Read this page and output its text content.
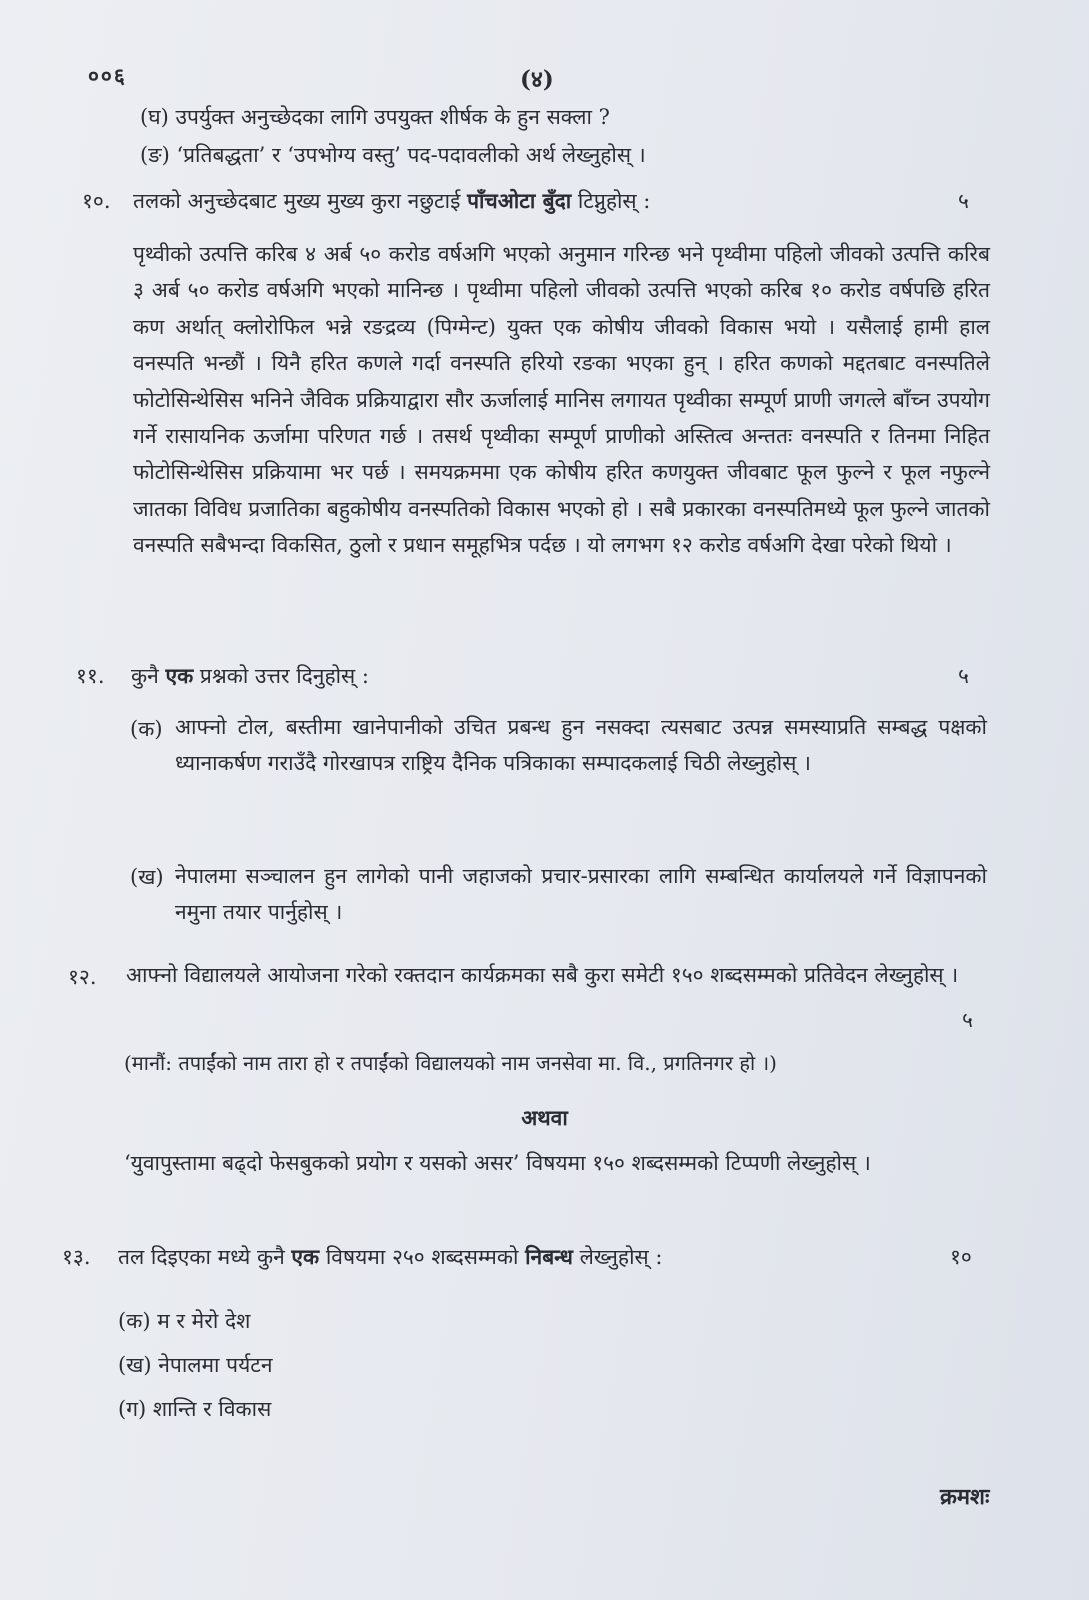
००६	(४)
(घ) उपर्युक्त अनुच्छेदका लागि उपयुक्त शीर्षक के हुन सक्ला ?
(ङ) ‘प्रतिबद्धता’ र ‘उपभोग्य वस्तु’ पद-पदावलीको अर्थ लेख्नुहोस् ।
१०. तलको अनुच्छेदबाट मुख्य मुख्य कुरा नछुटाई पाँचओटा बुँदा टिप्नुहोस् :	५
पृथ्वीको उत्पत्ति करिब ४ अर्ब ५० करोड वर्षअगि भएको अनुमान गरिन्छ भने पृथ्वीमा पहिलो जीवको उत्पत्ति करिब ३ अर्ब ५० करोड वर्षअगि भएको मानिन्छ । पृथ्वीमा पहिलो जीवको उत्पत्ति भएको करिब १० करोड वर्षपछि हरित कण अर्थात् क्लोरोफिल भन्ने रङद्रव्य (पिग्मेन्ट) युक्त एक कोषीय जीवको विकास भयो । यसैलाई हामी हाल वनस्पति भन्छौं । यिनै हरित कणले गर्दा वनस्पति हरियो रङका भएका हुन् । हरित कणको मद्दतबाट वनस्पतिले फोटोसिन्थेसिस भनिने जैविक प्रक्रियाद्वारा सौर ऊर्जालाई मानिस लगायत पृथ्वीका सम्पूर्ण प्राणी जगत्ले बाँच्न उपयोग गर्ने रासायनिक ऊर्जामा परिणत गर्छ । तसर्थ पृथ्वीका सम्पूर्ण प्राणीको अस्तित्व अन्ततः वनस्पति र तिनमा निहित फोटोसिन्थेसिस प्रक्रियामा भर पर्छ । समयक्रममा एक कोषीय हरित कणयुक्त जीवबाट फूल फुल्ने र फूल नफुल्ने जातका विविध प्रजातिका बहुकोषीय वनस्पतिको विकास भएको हो । सबै प्रकारका वनस्पतिमध्ये फूल फुल्ने जातको वनस्पति सबैभन्दा विकसित, ठुलो र प्रधान समूहभित्र पर्दछ । यो लगभग १२ करोड वर्षअगि देखा परेको थियो ।
११. कुनै एक प्रश्नको उत्तर दिनुहोस् :	५
(क) आफ्नो टोल, बस्तीमा खानेपानीको उचित प्रबन्ध हुन नसक्दा त्यसबाट उत्पन्न समस्याप्रति सम्बद्ध पक्षको ध्यानाकर्षण गराउँदै गोरखापत्र राष्ट्रिय दैनिक पत्रिकाका सम्पादकलाई चिठी लेख्नुहोस् ।
(ख) नेपालमा सञ्चालन हुन लागेको पानी जहाजको प्रचार-प्रसारका लागि सम्बन्धित कार्यालयले गर्ने विज्ञापनको नमुना तयार पार्नुहोस् ।
१२. आफ्नो विद्यालयले आयोजना गरेको रक्तदान कार्यक्रमका सबै कुरा समेटी १५० शब्दसम्मको प्रतिवेदन लेख्नुहोस् ।
५
(मानौं: तपाईंको नाम तारा हो र तपाईंको विद्यालयको नाम जनसेवा मा. वि., प्रगतिनगर हो ।)
अथवा
‘युवापुस्तामा बढ्दो फेसबुकको प्रयोग र यसको असर’ विषयमा १५० शब्दसम्मको टिप्पणी लेख्नुहोस् ।
१३. तल दिइएका मध्ये कुनै एक विषयमा २५० शब्दसम्मको निबन्ध लेख्नुहोस् :	१०
(क) म र मेरो देश
(ख) नेपालमा पर्यटन
(ग) शान्ति र विकास
क्रमशः
